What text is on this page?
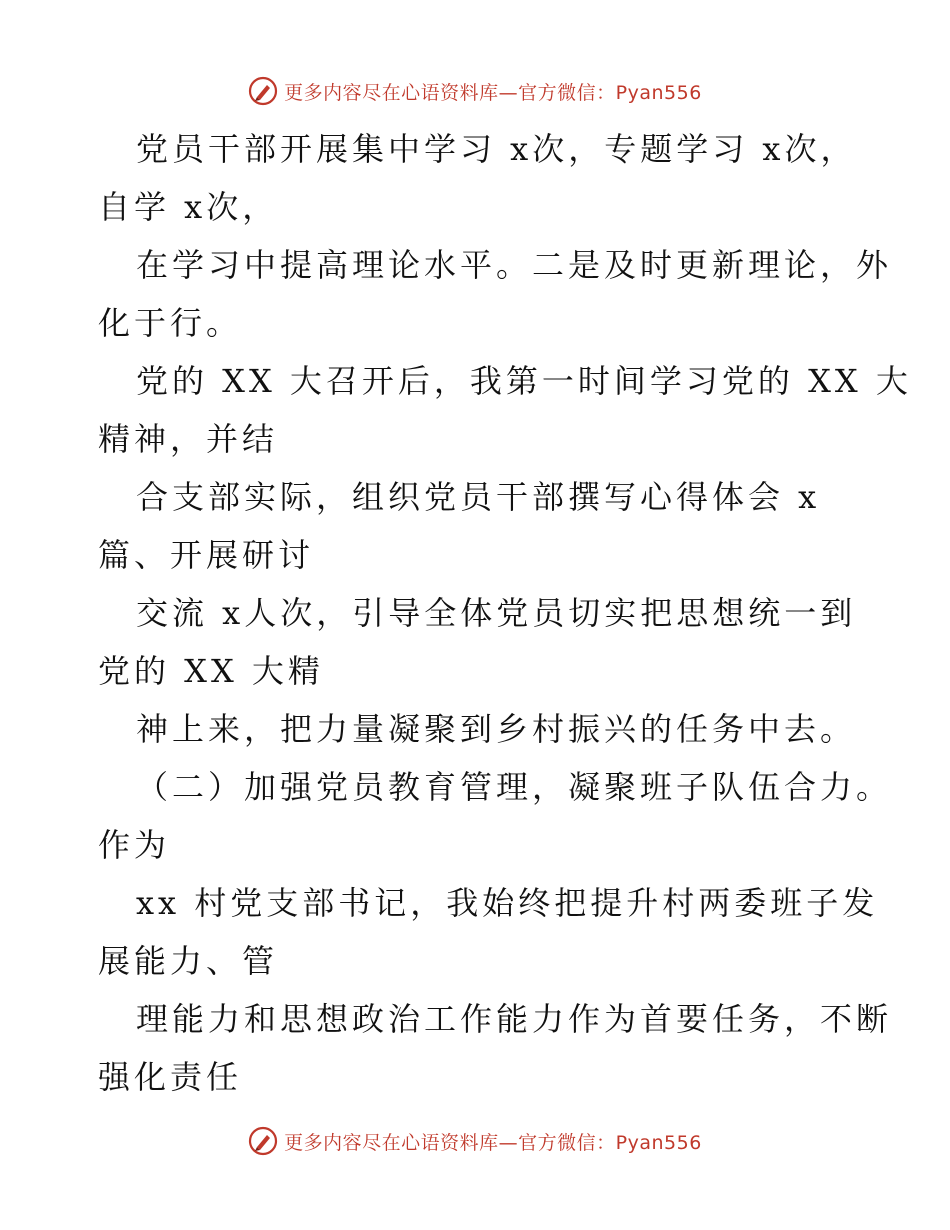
更多内容尽在心语资料库—官方微信：Pyan556
党员干部开展集中学习 x次，专题学习 x次，
自学 x次，
在学习中提高理论水平。二是及时更新理论，外
化于行。
党的 XX 大召开后，我第一时间学习党的 XX 大
精神，并结
合支部实际，组织党员干部撰写心得体会 x
篇、开展研讨
交流 x人次，引导全体党员切实把思想统一到
党的 XX 大精
神上来，把力量凝聚到乡村振兴的任务中去。
（二）加强党员教育管理，凝聚班子队伍合力。
作为
xx 村党支部书记，我始终把提升村两委班子发
展能力、管
理能力和思想政治工作能力作为首要任务，不断
强化责任
更多内容尽在心语资料库—官方微信：Pyan556
